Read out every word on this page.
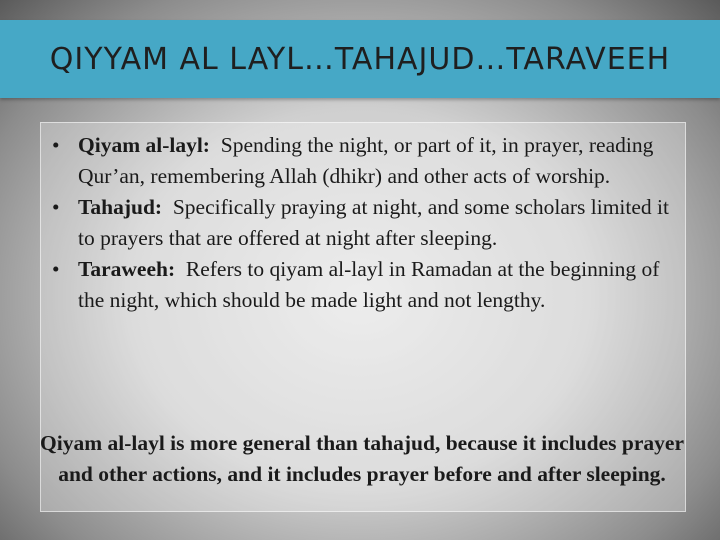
QIYYAM AL LAYL…TAHAJUD…TARAVEEH
• Qiyam al-layl: Spending the night, or part of it, in prayer, reading Qur’an, remembering Allah (dhikr) and other acts of worship.
• Tahajud: Specifically praying at night, and some scholars limited it to prayers that are offered at night after sleeping.
• Taraweeh: Refers to qiyam al-layl in Ramadan at the beginning of the night, which should be made light and not lengthy.

Qiyam al-layl is more general than tahajud, because it includes prayer and other actions, and it includes prayer before and after sleeping.
